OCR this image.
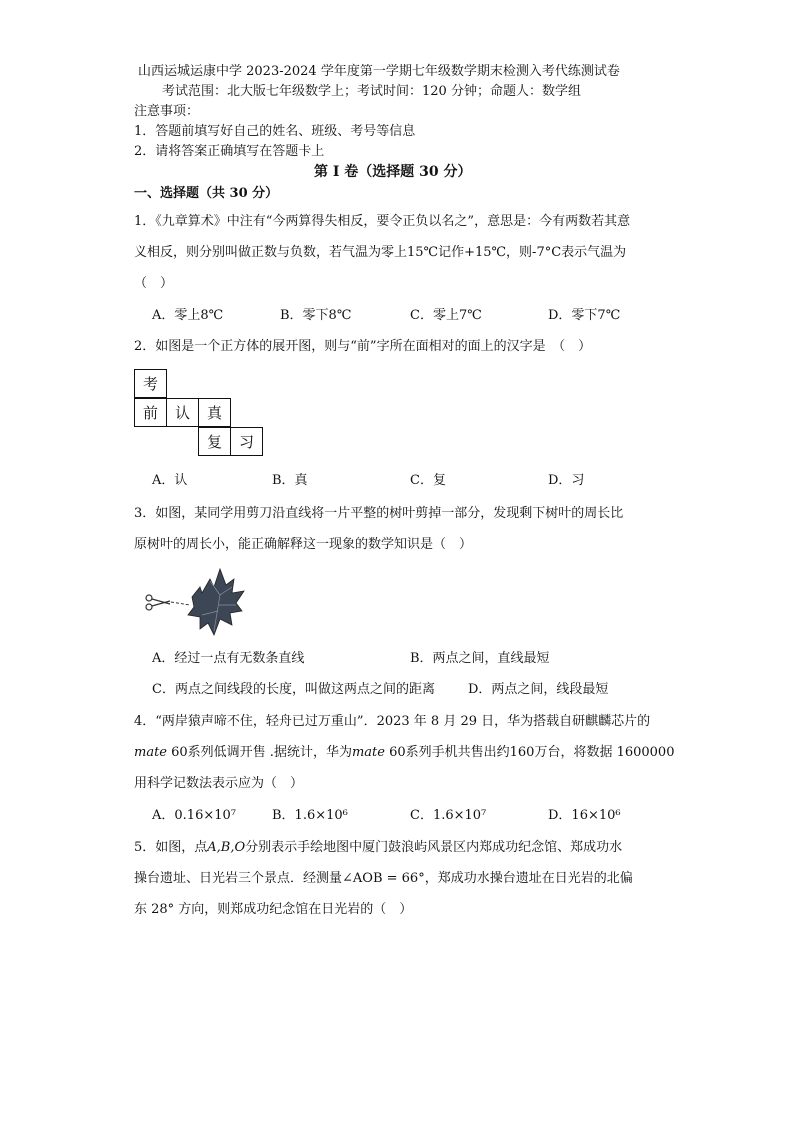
山西运城运康中学 2023-2024 学年度第一学期七年级数学期末检测入考代练测试卷
考试范围：北大版七年级数学上；考试时间：120 分钟；命题人：数学组
注意事项：
1．答题前填写好自己的姓名、班级、考号等信息
2．请将答案正确填写在答题卡上
第 I 卷（选择题 30 分）
一、选择题（共 30 分）
1．《九章算术》中注有“今两算得失相反，要令正负以名之”，意思是：今有两数若其意
义相反，则分别叫做正数与负数，若气温为零上15℃记作+15℃，则-7°C表示气温为
（　）
A．零上8℃	B．零下8℃	C．零上7℃	D．零下7℃
2．如图是一个正方体的展开图，则与“前”字所在面相对的面上的汉字是　（　）
考
前	认	真
复	习
A．认	B．真	C．复	D．习
3．如图，某同学用剪刀沿直线将一片平整的树叶剪掉一部分，发现剩下树叶的周长比
原树叶的周长小，能正确解释这一现象的数学知识是（　）
A．经过一点有无数条直线	B．两点之间，直线最短
C．两点之间线段的长度，叫做这两点之间的距离	D．两点之间，线段最短
4．“两岸猿声啼不住，轻舟已过万重山”．2023 年 8 月 29 日，华为搭载自研麒麟芯片的
mate 60系列低调开售 .据统计，华为mate 60系列手机共售出约160万台，将数据 1600000
用科学记数法表示应为（　）
A．0.16×10⁷	B．1.6×10⁶	C．1.6×10⁷	D．16×10⁶
5．如图，点A,B,O分别表示手绘地图中厦门鼓浪屿风景区内郑成功纪念馆、郑成功水
操台遗址、日光岩三个景点．经测量∠AOB = 66°，郑成功水操台遗址在日光岩的北偏
东 28° 方向，则郑成功纪念馆在日光岩的（　）
